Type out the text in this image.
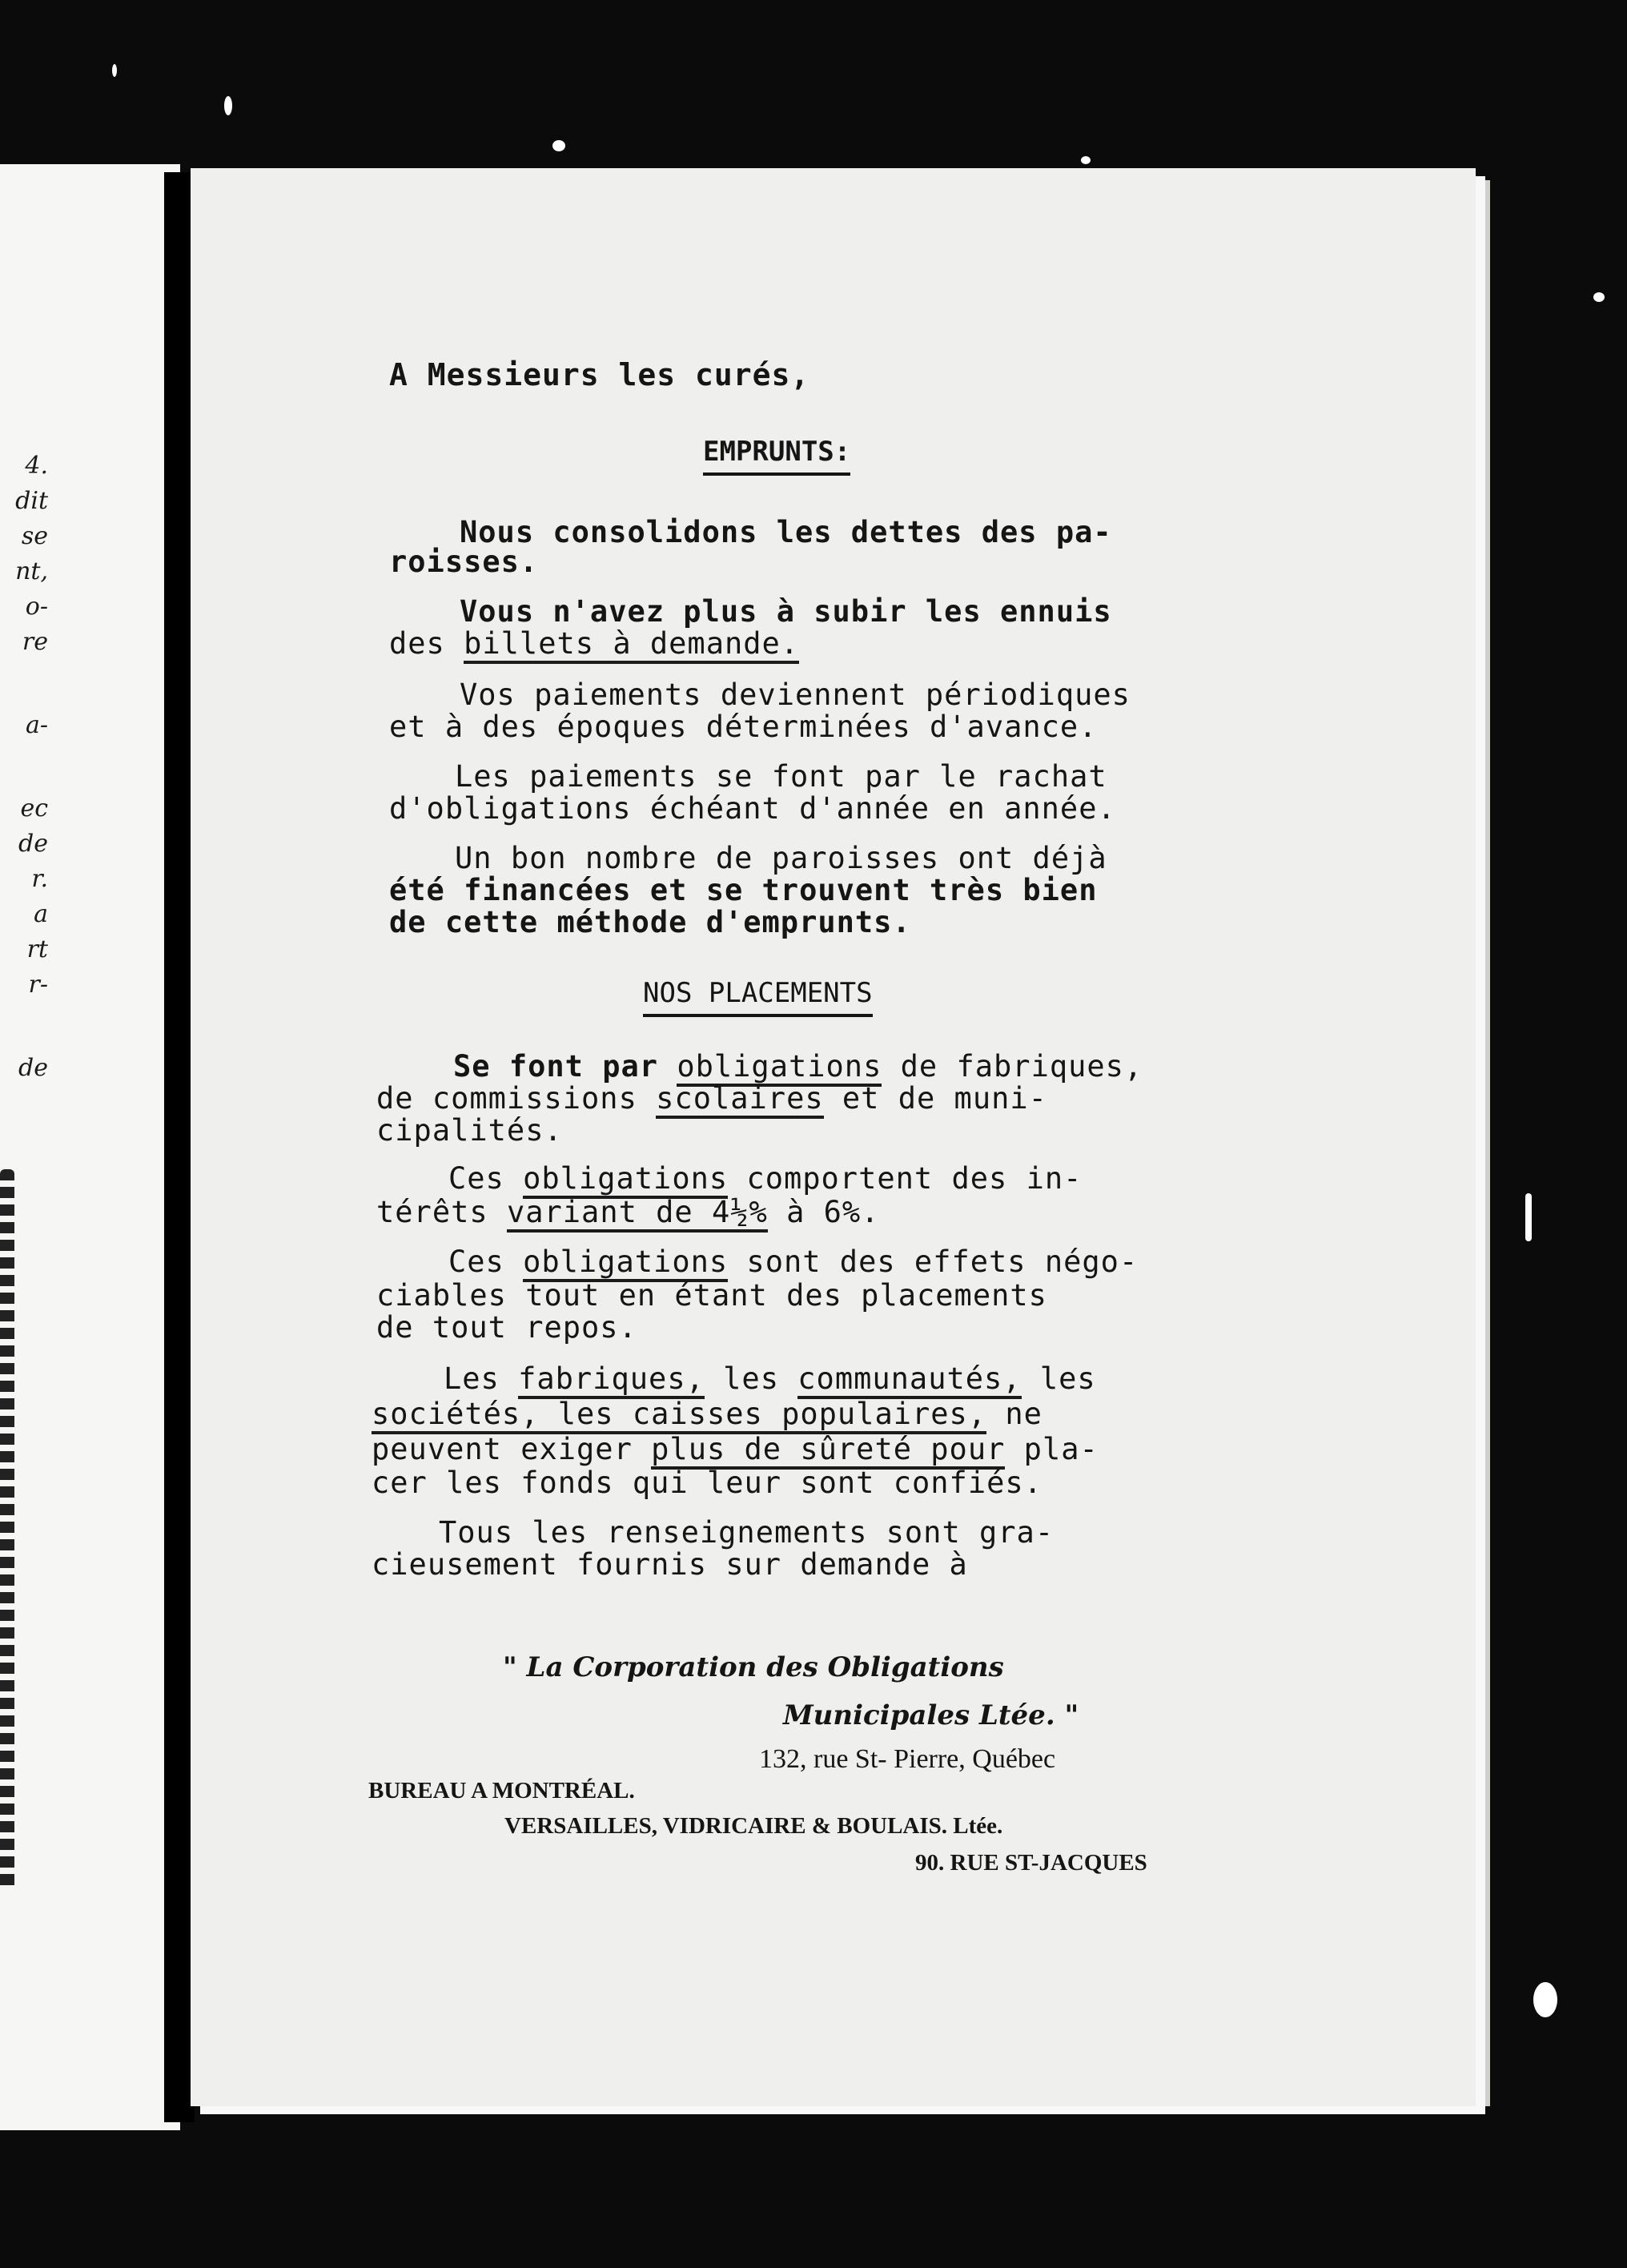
4.
dit
se
nt,
o-
re
a-
ec
de
r.
a
rt
r-
de
A Messieurs les curés,
EMPRUNTS:
Nous consolidons les dettes des pa-
roisses.
Vous n'avez plus à subir les ennuis
des billets à demande.
Vos paiements deviennent périodiques
et à des époques déterminées d'avance.
Les paiements se font par le rachat
d'obligations échéant d'année en année.
Un bon nombre de paroisses ont déjà
été financées et se trouvent très bien
de cette méthode d'emprunts.
NOS PLACEMENTS
Se font par obligations de fabriques,
de commissions scolaires et de muni-
cipalités.
Ces obligations comportent des in-
térêts variant de 4½% à 6%.
Ces obligations sont des effets négo-
ciables tout en étant des placements
de tout repos.
Les fabriques, les communautés, les
sociétés, les caisses populaires, ne
peuvent exiger plus de sûreté pour pla-
cer les fonds qui leur sont confiés.
Tous les renseignements sont gra-
cieusement fournis sur demande à
" La Corporation des Obligations
Municipales Ltée. "
132, rue St- Pierre, Québec
BUREAU A MONTRÉAL.
VERSAILLES, VIDRICAIRE & BOULAIS. Ltée.
90. RUE ST-JACQUES
